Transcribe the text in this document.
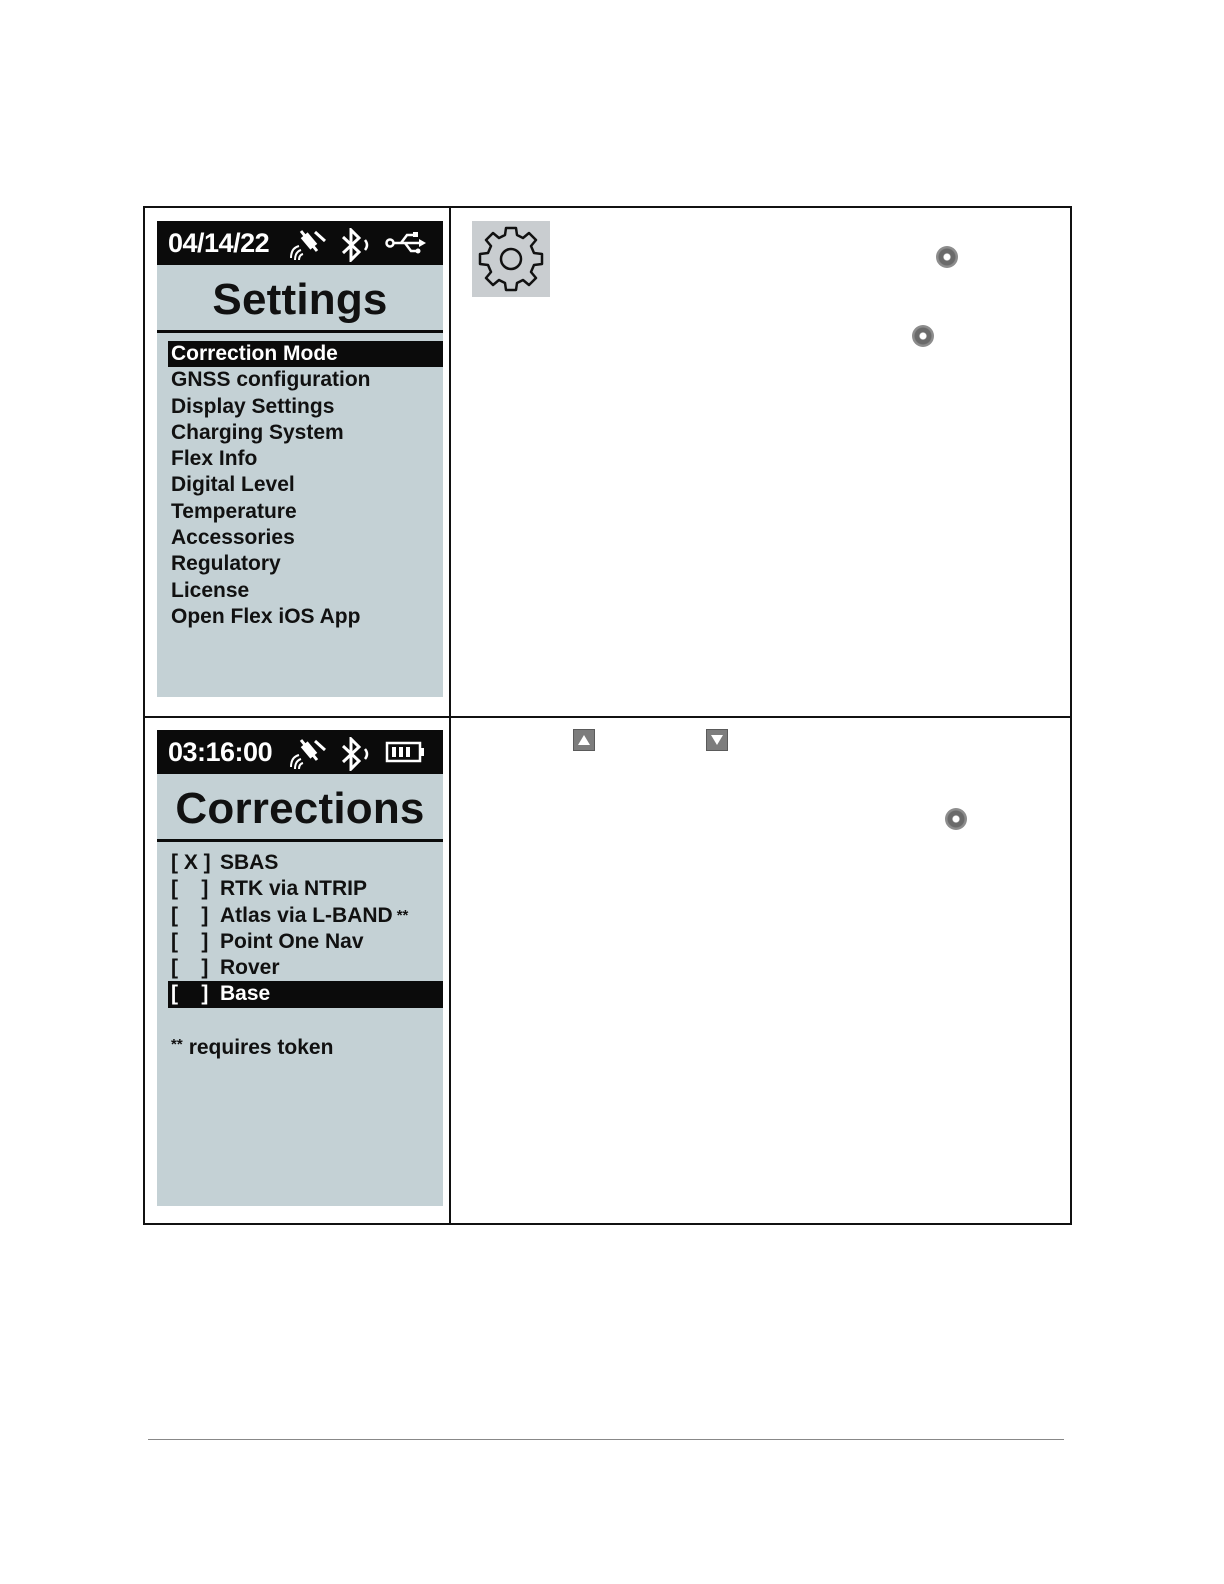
04/14/22
Settings
Correction Mode
GNSS configuration
Display Settings
Charging System
Flex Info
Digital Level
Temperature
Accessories
Regulatory
License
Open Flex iOS App
03:16:00
Corrections
[ X ] SBAS
[    ] RTK via NTRIP
[    ] Atlas via L-BAND **
[    ] Point One Nav
[    ] Rover
[    ] Base
** requires token
